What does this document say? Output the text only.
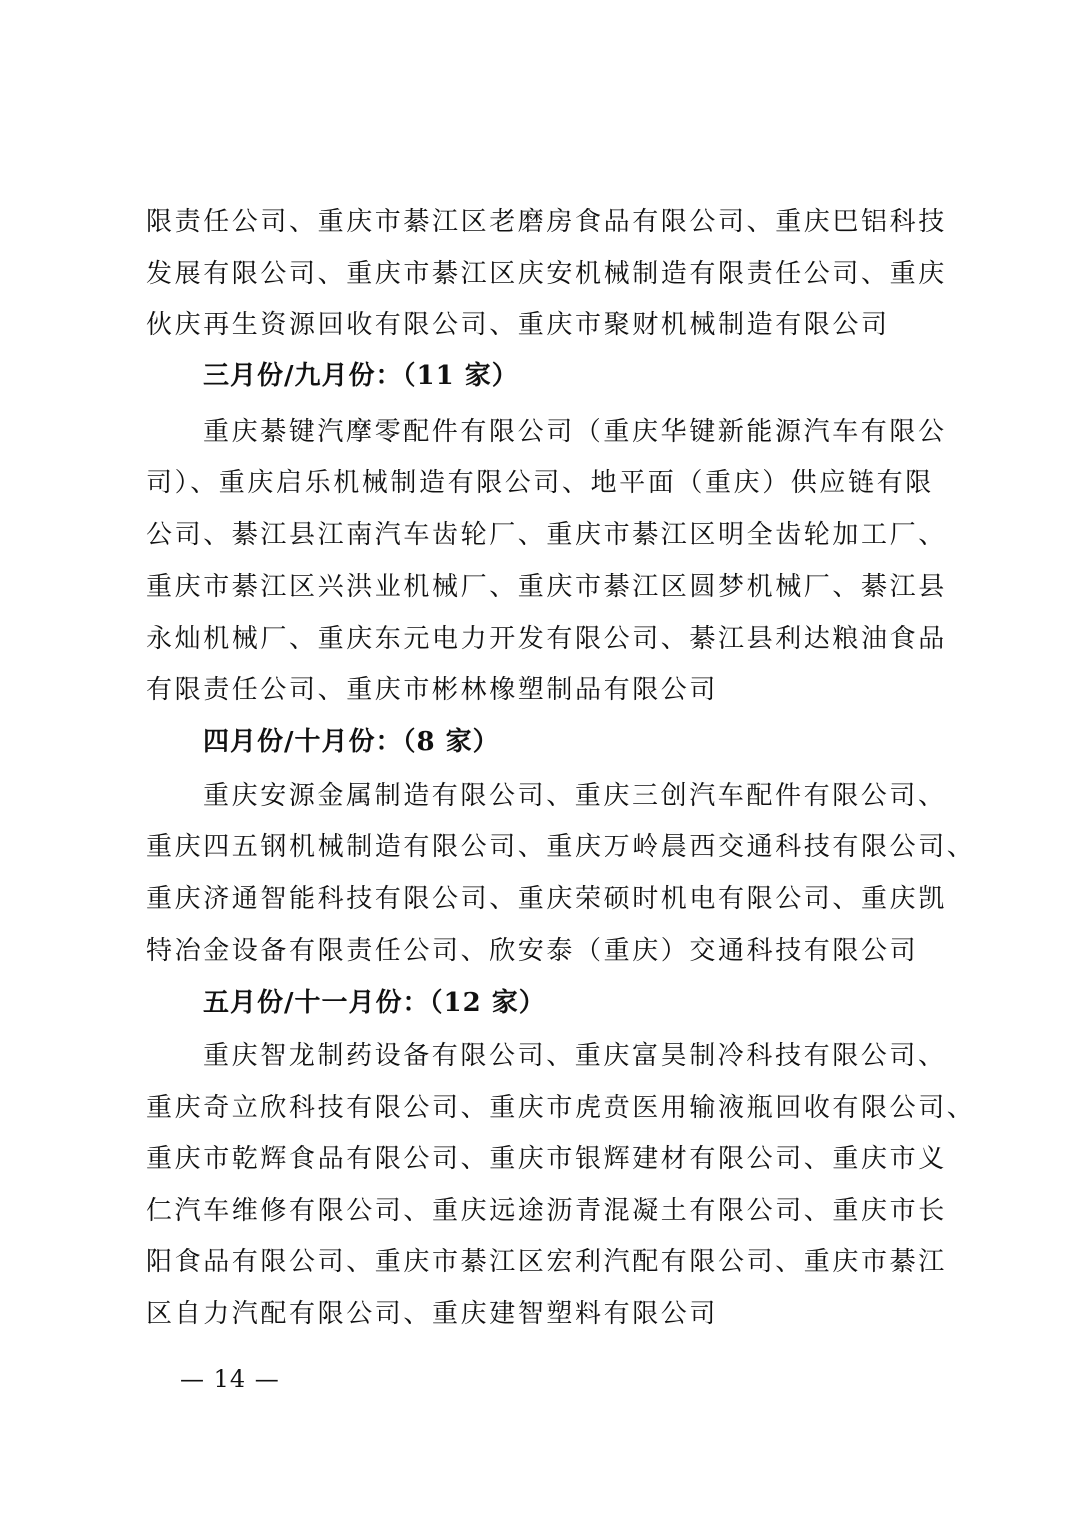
限责任公司、重庆市綦江区老磨房食品有限公司、重庆巴铝科技
发展有限公司、重庆市綦江区庆安机械制造有限责任公司、重庆
伙庆再生资源回收有限公司、重庆市聚财机械制造有限公司
三月份/九月份：（11 家）
重庆綦键汽摩零配件有限公司（重庆华键新能源汽车有限公
司）、重庆启乐机械制造有限公司、地平面（重庆）供应链有限
公司、綦江县江南汽车齿轮厂、重庆市綦江区明全齿轮加工厂、
重庆市綦江区兴洪业机械厂、重庆市綦江区圆梦机械厂、綦江县
永灿机械厂、重庆东元电力开发有限公司、綦江县利达粮油食品
有限责任公司、重庆市彬林橡塑制品有限公司
四月份/十月份：（8 家）
重庆安源金属制造有限公司、重庆三创汽车配件有限公司、
重庆四五钢机械制造有限公司、重庆万岭晨西交通科技有限公司、
重庆济通智能科技有限公司、重庆荣硕时机电有限公司、重庆凯
特冶金设备有限责任公司、欣安泰（重庆）交通科技有限公司
五月份/十一月份：（12 家）
重庆智龙制药设备有限公司、重庆富昊制冷科技有限公司、
重庆奇立欣科技有限公司、重庆市虎贲医用输液瓶回收有限公司、
重庆市乾辉食品有限公司、重庆市银辉建材有限公司、重庆市义
仁汽车维修有限公司、重庆远途沥青混凝土有限公司、重庆市长
阳食品有限公司、重庆市綦江区宏利汽配有限公司、重庆市綦江
区自力汽配有限公司、重庆建智塑料有限公司
— 14 —
